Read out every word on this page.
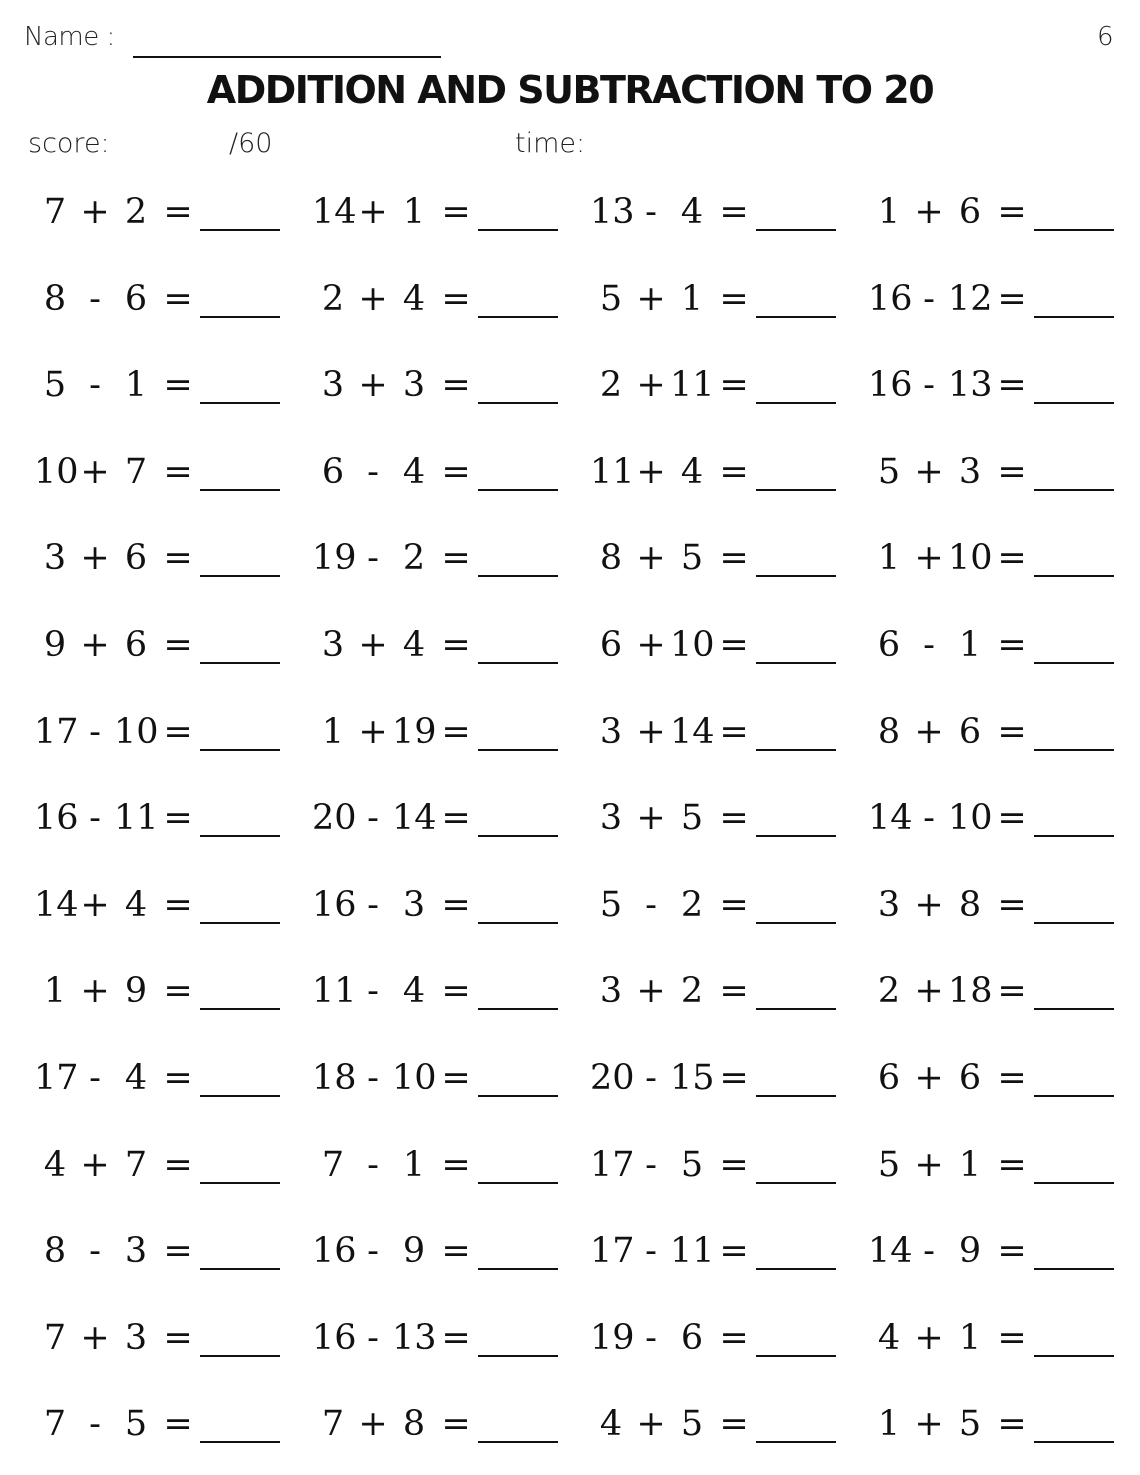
Name :	6
ADDITION AND SUBTRACTION TO 20
score:	/60	time:
7 + 2 =	14 + 1 =	13 - 4 =	1 + 6 =
8 - 6 =	2 + 4 =	5 + 1 =	16 - 12 =
5 - 1 =	3 + 3 =	2 + 11 =	16 - 13 =
10 + 7 =	6 - 4 =	11 + 4 =	5 + 3 =
3 + 6 =	19 - 2 =	8 + 5 =	1 + 10 =
9 + 6 =	3 + 4 =	6 + 10 =	6 - 1 =
17 - 10 =	1 + 19 =	3 + 14 =	8 + 6 =
16 - 11 =	20 - 14 =	3 + 5 =	14 - 10 =
14 + 4 =	16 - 3 =	5 - 2 =	3 + 8 =
1 + 9 =	11 - 4 =	3 + 2 =	2 + 18 =
17 - 4 =	18 - 10 =	20 - 15 =	6 + 6 =
4 + 7 =	7 - 1 =	17 - 5 =	5 + 1 =
8 - 3 =	16 - 9 =	17 - 11 =	14 - 9 =
7 + 3 =	16 - 13 =	19 - 6 =	4 + 1 =
7 - 5 =	7 + 8 =	4 + 5 =	1 + 5 =
